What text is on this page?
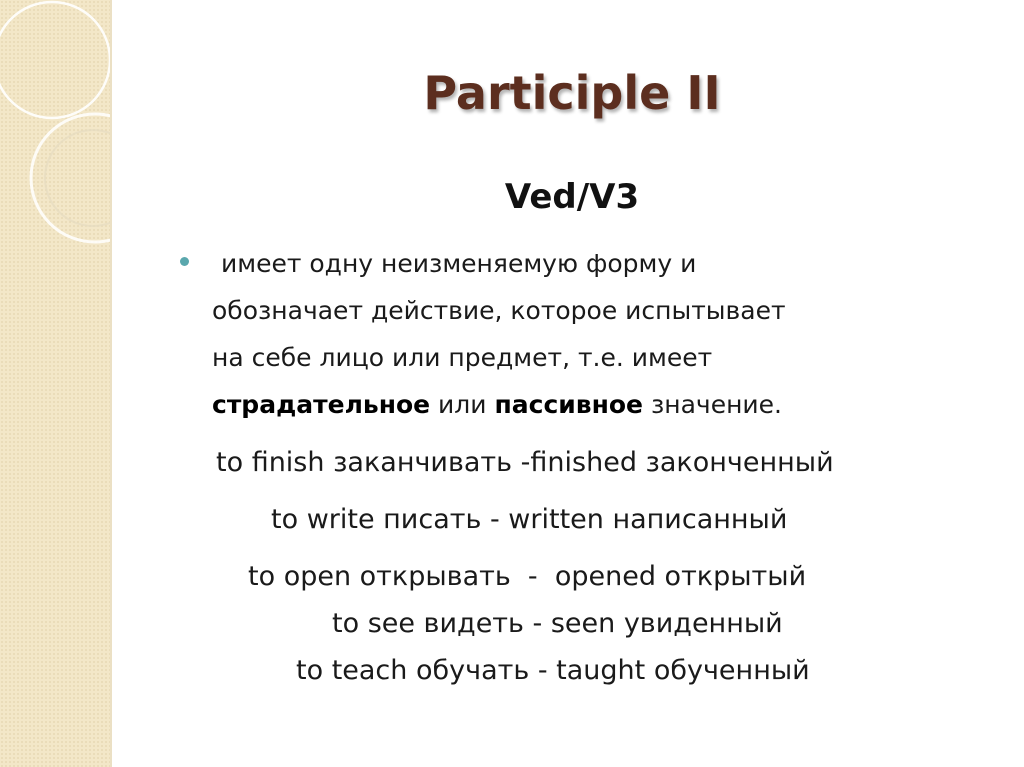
Participle II
Ved/V3

имеет одну неизменяемую форму и
обозначает действие, которое испытывает
на себе лицо или предмет, т.е. имеет
страдательное или пассивное значение.

to finish заканчивать -finished законченный

to write писать - written написанный

to open открывать  -  opened открытый

to see видеть - seen увиденный

to teach обучать - taught обученный
